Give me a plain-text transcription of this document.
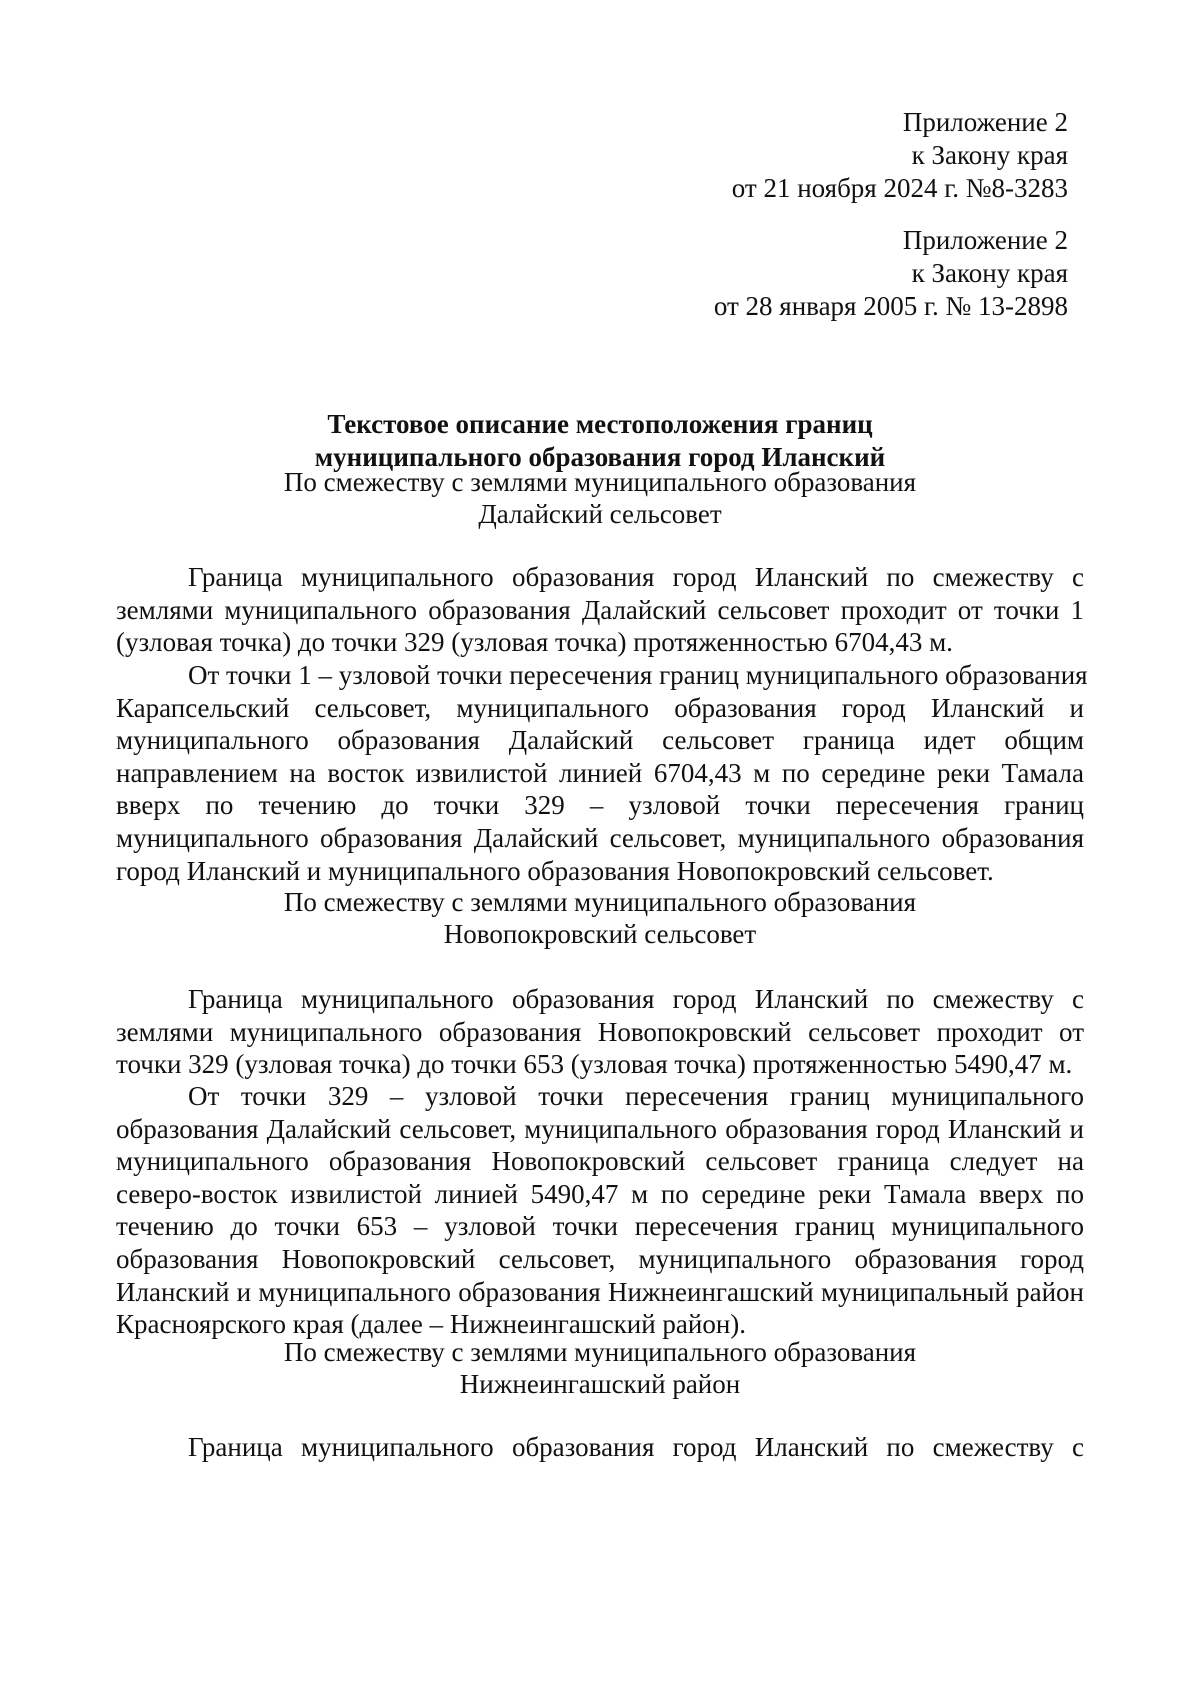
Приложение 2
к Закону края
от 21 ноября 2024 г. №8-3283
Приложение 2
к Закону края
от 28 января 2005 г. № 13-2898
Текстовое описание местоположения границ
муниципального образования город Иланский
По смежеству с землями муниципального образования
Далайский сельсовет
Граница муниципального образования город Иланский по смежеству с
землями муниципального образования Далайский сельсовет проходит от точки 1
(узловая точка) до точки 329 (узловая точка) протяженностью 6704,43 м.
От точки 1 – узловой точки пересечения границ муниципального образования
Карапсельский сельсовет, муниципального образования город Иланский и
муниципального образования Далайский сельсовет граница идет общим
направлением на восток извилистой линией 6704,43 м по середине реки Тамала
вверх по течению до точки 329 – узловой точки пересечения границ
муниципального образования Далайский сельсовет, муниципального образования
город Иланский и муниципального образования Новопокровский сельсовет.
По смежеству с землями муниципального образования
Новопокровский сельсовет
Граница муниципального образования город Иланский по смежеству с
землями муниципального образования Новопокровский сельсовет проходит от
точки 329 (узловая точка) до точки 653 (узловая точка) протяженностью 5490,47 м.
От точки 329 – узловой точки пересечения границ муниципального
образования Далайский сельсовет, муниципального образования город Иланский и
муниципального образования Новопокровский сельсовет граница следует на
северо-восток извилистой линией 5490,47 м по середине реки Тамала вверх по
течению до точки 653 – узловой точки пересечения границ муниципального
образования Новопокровский сельсовет, муниципального образования город
Иланский и муниципального образования Нижнеингашский муниципальный район
Красноярского края (далее – Нижнеингашский район).
По смежеству с землями муниципального образования
Нижнеингашский район
Граница муниципального образования город Иланский по смежеству с
